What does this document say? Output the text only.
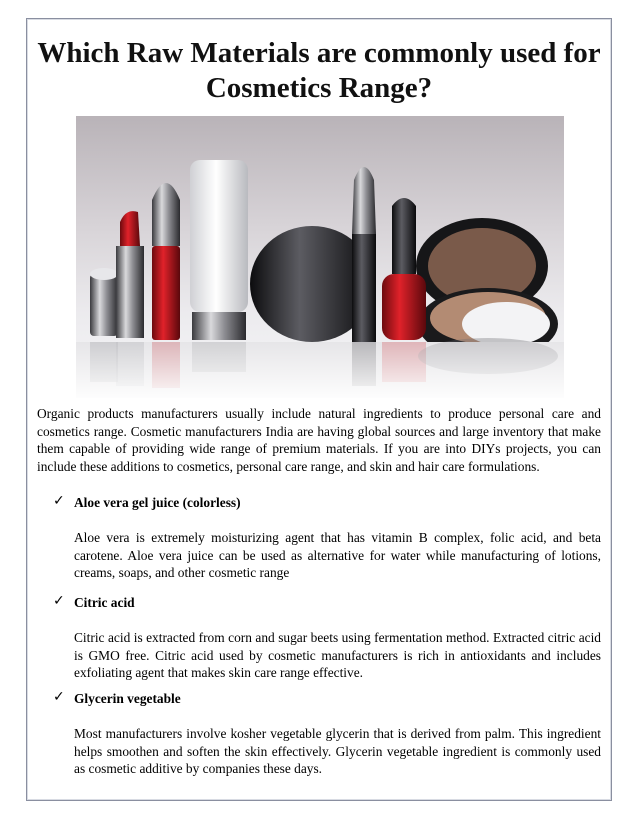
Which Raw Materials are commonly used for Cosmetics Range?

Organic products manufacturers usually include natural ingredients to produce personal care and cosmetics range. Cosmetic manufacturers India are having global sources and large inventory that make them capable of providing wide range of premium materials. If you are into DIYs projects, you can include these additions to cosmetics, personal care range, and skin and hair care formulations.

✓ Aloe vera gel juice (colorless)
Aloe vera is extremely moisturizing agent that has vitamin B complex, folic acid, and beta carotene. Aloe vera juice can be used as alternative for water while manufacturing of lotions, creams, soaps, and other cosmetic range
✓ Citric acid
Citric acid is extracted from corn and sugar beets using fermentation method. Extracted citric acid is GMO free. Citric acid used by cosmetic manufacturers is rich in antioxidants and includes exfoliating agent that makes skin care range effective.
✓ Glycerin vegetable
Most manufacturers involve kosher vegetable glycerin that is derived from palm. This ingredient helps smoothen and soften the skin effectively. Glycerin vegetable ingredient is commonly used as cosmetic additive by companies these days.
